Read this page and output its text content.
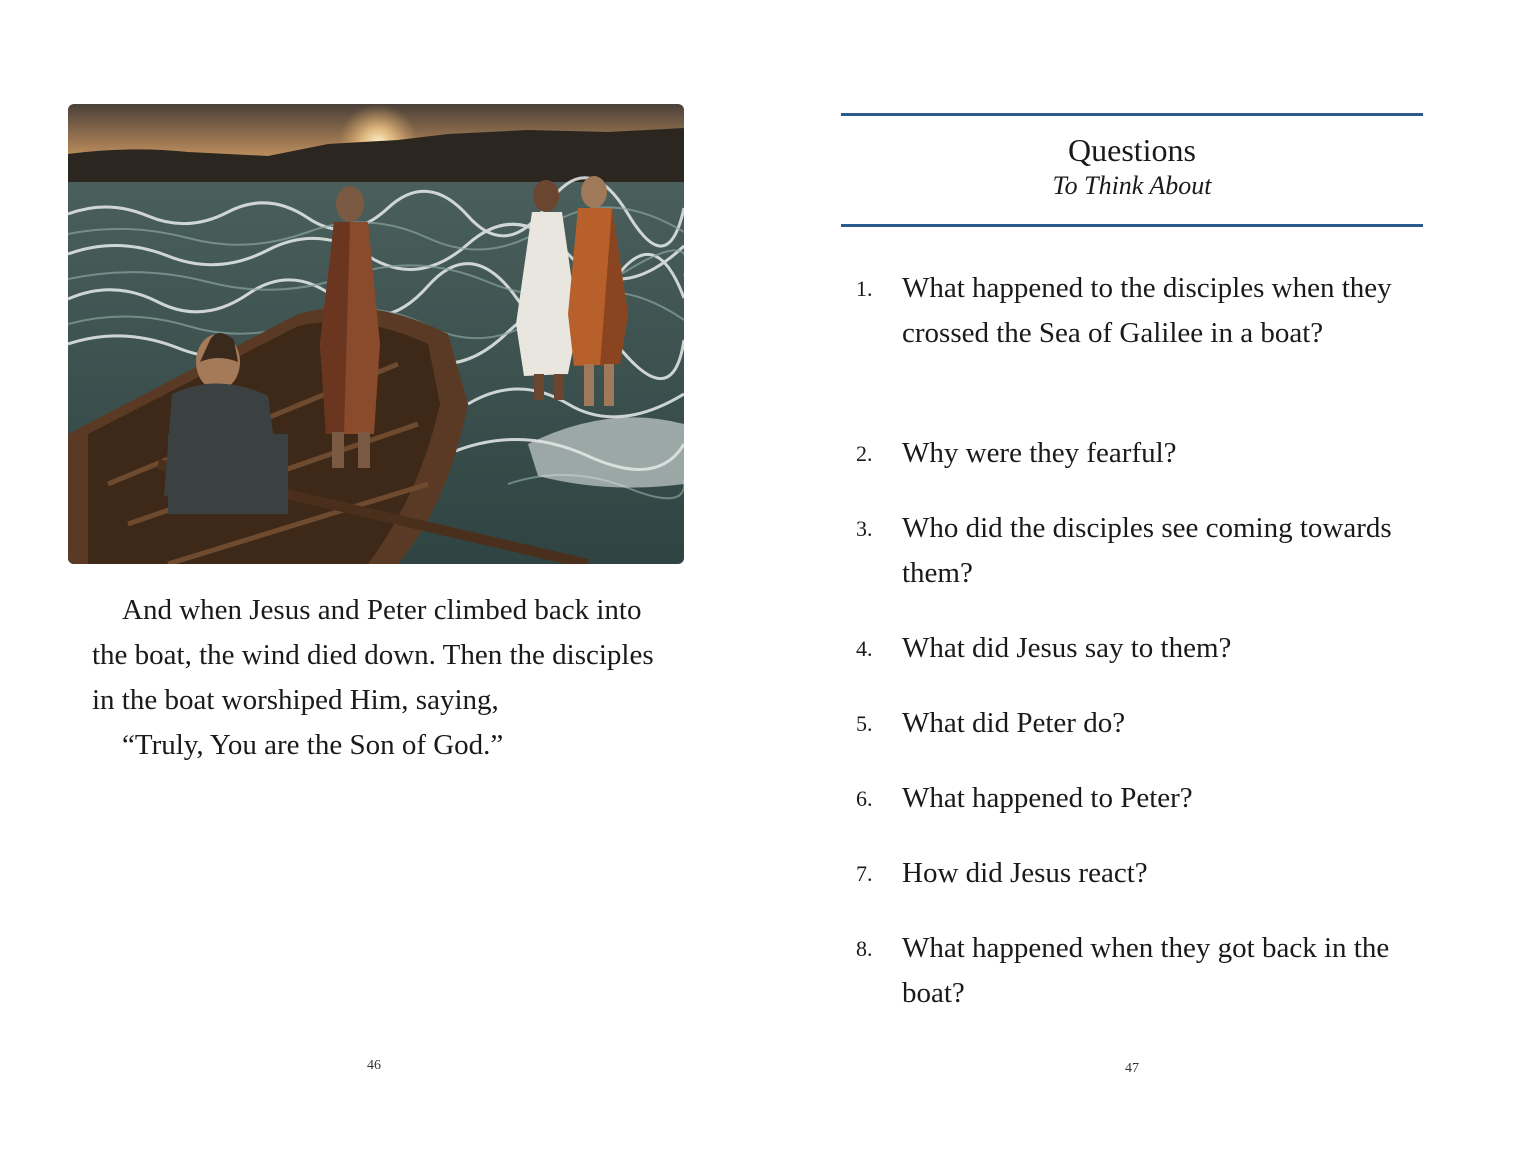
And when Jesus and Peter climbed back into the boat, the wind died down. Then the disciples in the boat worshiped Him, saying,

“Truly, You are the Son of God.”

46
Questions
To Think About
1.	What happened to the disciples when they crossed the Sea of Galilee in a boat?
2.	Why were they fearful?
3.	Who did the disciples see coming towards them?
4.	What did Jesus say to them?
5.	What did Peter do?
6.	What happened to Peter?
7.	How did Jesus react?
8.	What happened when they got back in the boat?
47
